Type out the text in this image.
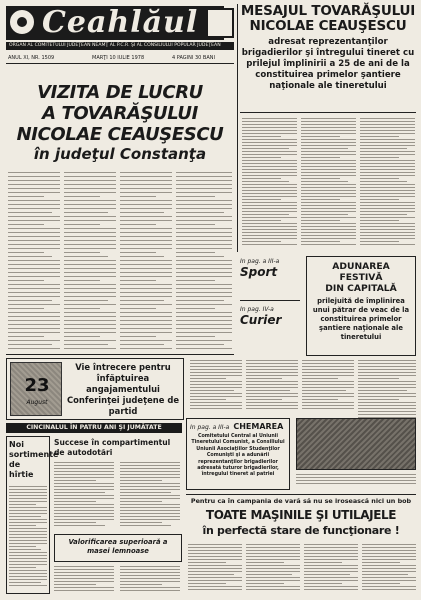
Ceahlăul
ORGAN AL COMITETULUI JUDEŢEAN NEAMŢ AL P.C.R. ŞI AL CONSILIULUI POPULAR JUDEŢEAN
ANUL XI, NR. 1509	MARŢI 10 IULIE 1978	4 PAGINI 30 BANI
MESAJUL TOVARĂŞULUI
NICOLAE CEAUŞESCU
adresat reprezentanţilor brigadierilor şi întregului tineret cu prilejul împlinirii a 25 de ani de la constituirea primelor şantiere naţionale ale tineretului
VIZITA DE LUCRU
A TOVARĂŞULUI
NICOLAE CEAUŞESCU
în judeţul Constanţa
In pag. a III-a
Sport
In pag. IV-a
Curier
ADUNAREA FESTIVĂ
DIN CAPITALĂ
prilejuită de împlinirea unui pătrar de veac de la constituirea primelor şantiere naţionale ale tineretului
23
August
Vie întrecere pentru înfăptuirea angajamentului Conferinţei judeţene de partid
In pag. a III-a CHEMAREA
Comitetului Central al Uniunii Tineretului Comunist, a Consiliului Uniunii Asociaţiilor Studenţilor Comunişti şi a adunării reprezentanţilor brigadierilor adresată tuturor brigadierilor, întregului tineret al patriei
CINCINALUL ÎN PATRU ANI ŞI JUMĂTATE
Noi sortimente de hîrtie
Succese în compartimentul de autodotări
Valorificarea superioară a masei lemnoase
Pentru ca în campania de vară să nu se irosească nici un bob
TOATE MAŞINILE ŞI UTILAJELE
în perfectă stare de funcţionare !
